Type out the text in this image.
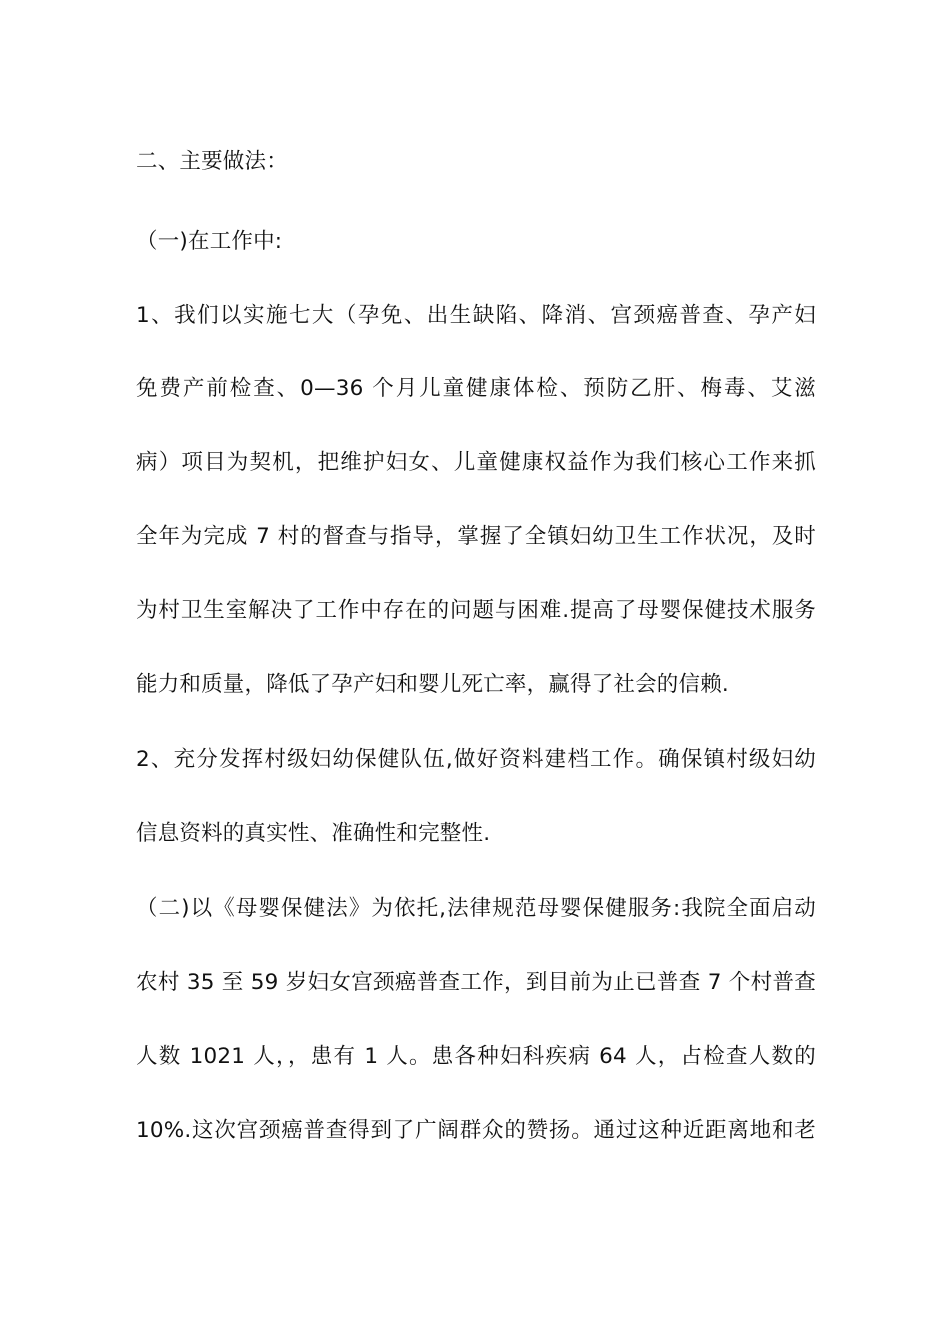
二、主要做法：
（一)在工作中:
1、我们以实施七大（孕免、出生缺陷、降消、宫颈癌普查、孕产妇
免费产前检查、0—36 个月儿童健康体检、预防乙肝、梅毒、艾滋
病）项目为契机，把维护妇女、儿童健康权益作为我们核心工作来抓
全年为完成 7 村的督查与指导，掌握了全镇妇幼卫生工作状况，及时
为村卫生室解决了工作中存在的问题与困难.提高了母婴保健技术服务
能力和质量，降低了孕产妇和婴儿死亡率，赢得了社会的信赖.
2、充分发挥村级妇幼保健队伍,做好资料建档工作。确保镇村级妇幼
信息资料的真实性、准确性和完整性.
（二)以《母婴保健法》为依托,法律规范母婴保健服务:我院全面启动
农村 35 至 59 岁妇女宫颈癌普查工作，到目前为止已普查 7 个村普查
人数 1021 人，，患有 1 人。患各种妇科疾病 64 人，占检查人数的
10%.这次宫颈癌普查得到了广阔群众的赞扬。通过这种近距离地和老
